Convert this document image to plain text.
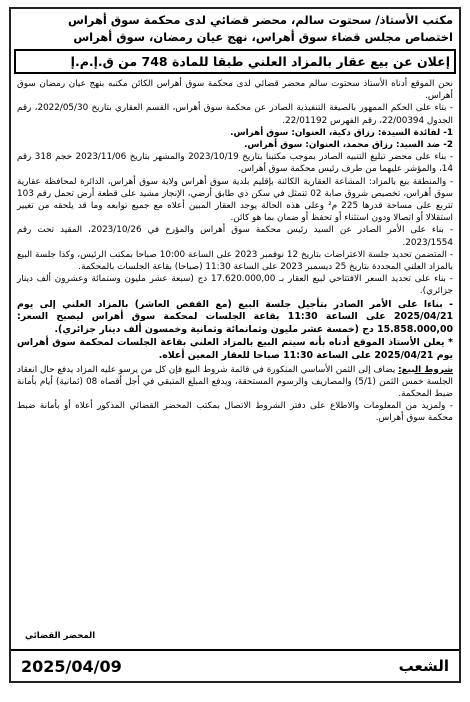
مكتب الأستاذ/ سحتوت سالم، محضر قضائي لدى محكمة سوق أهراس

اختصاص مجلس قضاء سوق أهراس، نهج عيان رمضان، سوق أهراس

إعلان عن بيع عقار بالمزاد العلني طبقا للمادة 748 من ق.إ.م.إ

نحن الموقع أدناه الأستاذ سحتوت سالم محضر قضائي لدى محكمة سوق أهراس الكائن مكتبه بنهج عيان رمضان سوق أهراس.

- بناء على الحكم الممهور بالصيغة التنفيذية الصادر عن محكمة سوق أهراس، القسم العقاري بتاريخ 2022/05/30، رقم الجدول 22/00394، رقم الفهرس 22/01192.

1- لفائدة السيدة: رزاق دكية، العنوان: سوق أهراس.

2- ضد السيد: رزاق محمد، العنوان: سوق أهراس.

- بناء على محضر تبليغ التنبيه الصادر بموجب مكتبنا بتاريخ 2023/10/19 والمشهر بتاريخ 2023/11/06 حجم 318 رقم 14، والمؤشر عليهما من طرف رئيس محكمة سوق أهراس.

- والمنطقة بيع بالمزاد: المشاعة العقارية الكائنة بإقليم بلدية سوق أهراس ولاية سوق أهراس، الدائرة لمحافظة عقارية سوق أهراس، تخصيص شروق صابة 02 تتمثل في سكن ذي طابق أرضي، الإنجاز مشيد على قطعة أرض تحمل رقم 103 تتربع على مساحة قدرها 225 م² وعلى هذه الحالة يوجد العقار المبين أعلاه مع جميع توابعه وما قد يلحقه من تغيير استقلالا أو اتصالا ودون استثناء أو تحفظ أو ضمان بما هو كائن.

- بناء على الأمر الصادر عن السيد رئيس محكمة سوق أهراس والمؤرخ في 2023/10/26، المقيد تحت رقم 2023/1554.

- المتضمن تحديد جلسة الاعتراضات بتاريخ 12 نوفمبر 2023 على الساعة 10:00 صباحا بمكتب الرئيس، وكذا جلسة البيع بالمزاد العلني المحددة بتاريخ 25 ديسمبر 2023 على الساعة 11:30 (صباحا) بقاعة الجلسات بالمحكمة.

- بناء على تحديد السعر الافتتاحي لبيع العقار بـ 17.620.000,00 دج (سبعة عشر مليون وستمائة وعشرون ألف دينار جزائري).

- بناءا على الأمر الصادر بتأجيل جلسة البيع (مع القفص العاشر) بالمزاد العلني إلى يوم 2025/04/21 على الساعة 11:30 بقاعة الجلسات لمحكمة سوق أهراس ليصبح السعر: 15.858.000,00 دج (خمسة عشر مليون وثمانمائة وثمانية وخمسون ألف دينار جزائري).

* يعلن الأستاذ الموقع أدناه بأنه سيتم البيع بالمزاد العلني بقاعة الجلسات لمحكمة سوق أهراس يوم 2025/04/21 على الساعة 11:30 صباحا للعقار المعين أعلاه.

شروط البيع: يضاف إلى الثمن الأساسي المنكورة في قائمة شروط البيع فإن كل من يرسو عليه المزاد يدفع حال انعقاد الجلسة خمس الثمن (5/1) والمصاريف والرسوم المستحقة، ويدفع المبلغ المتبقي في أجل أقصاه 08 (ثمانية) أيام بأمانة ضبط المحكمة.

- ولمزيد من المعلومات والاطلاع على دفتر الشروط الاتصال بمكتب المحضر القضائي المذكور أعلاه أو بأمانة ضبط محكمة سوق أهراس.

المحضر القضائي
الشعب
2025/04/09
